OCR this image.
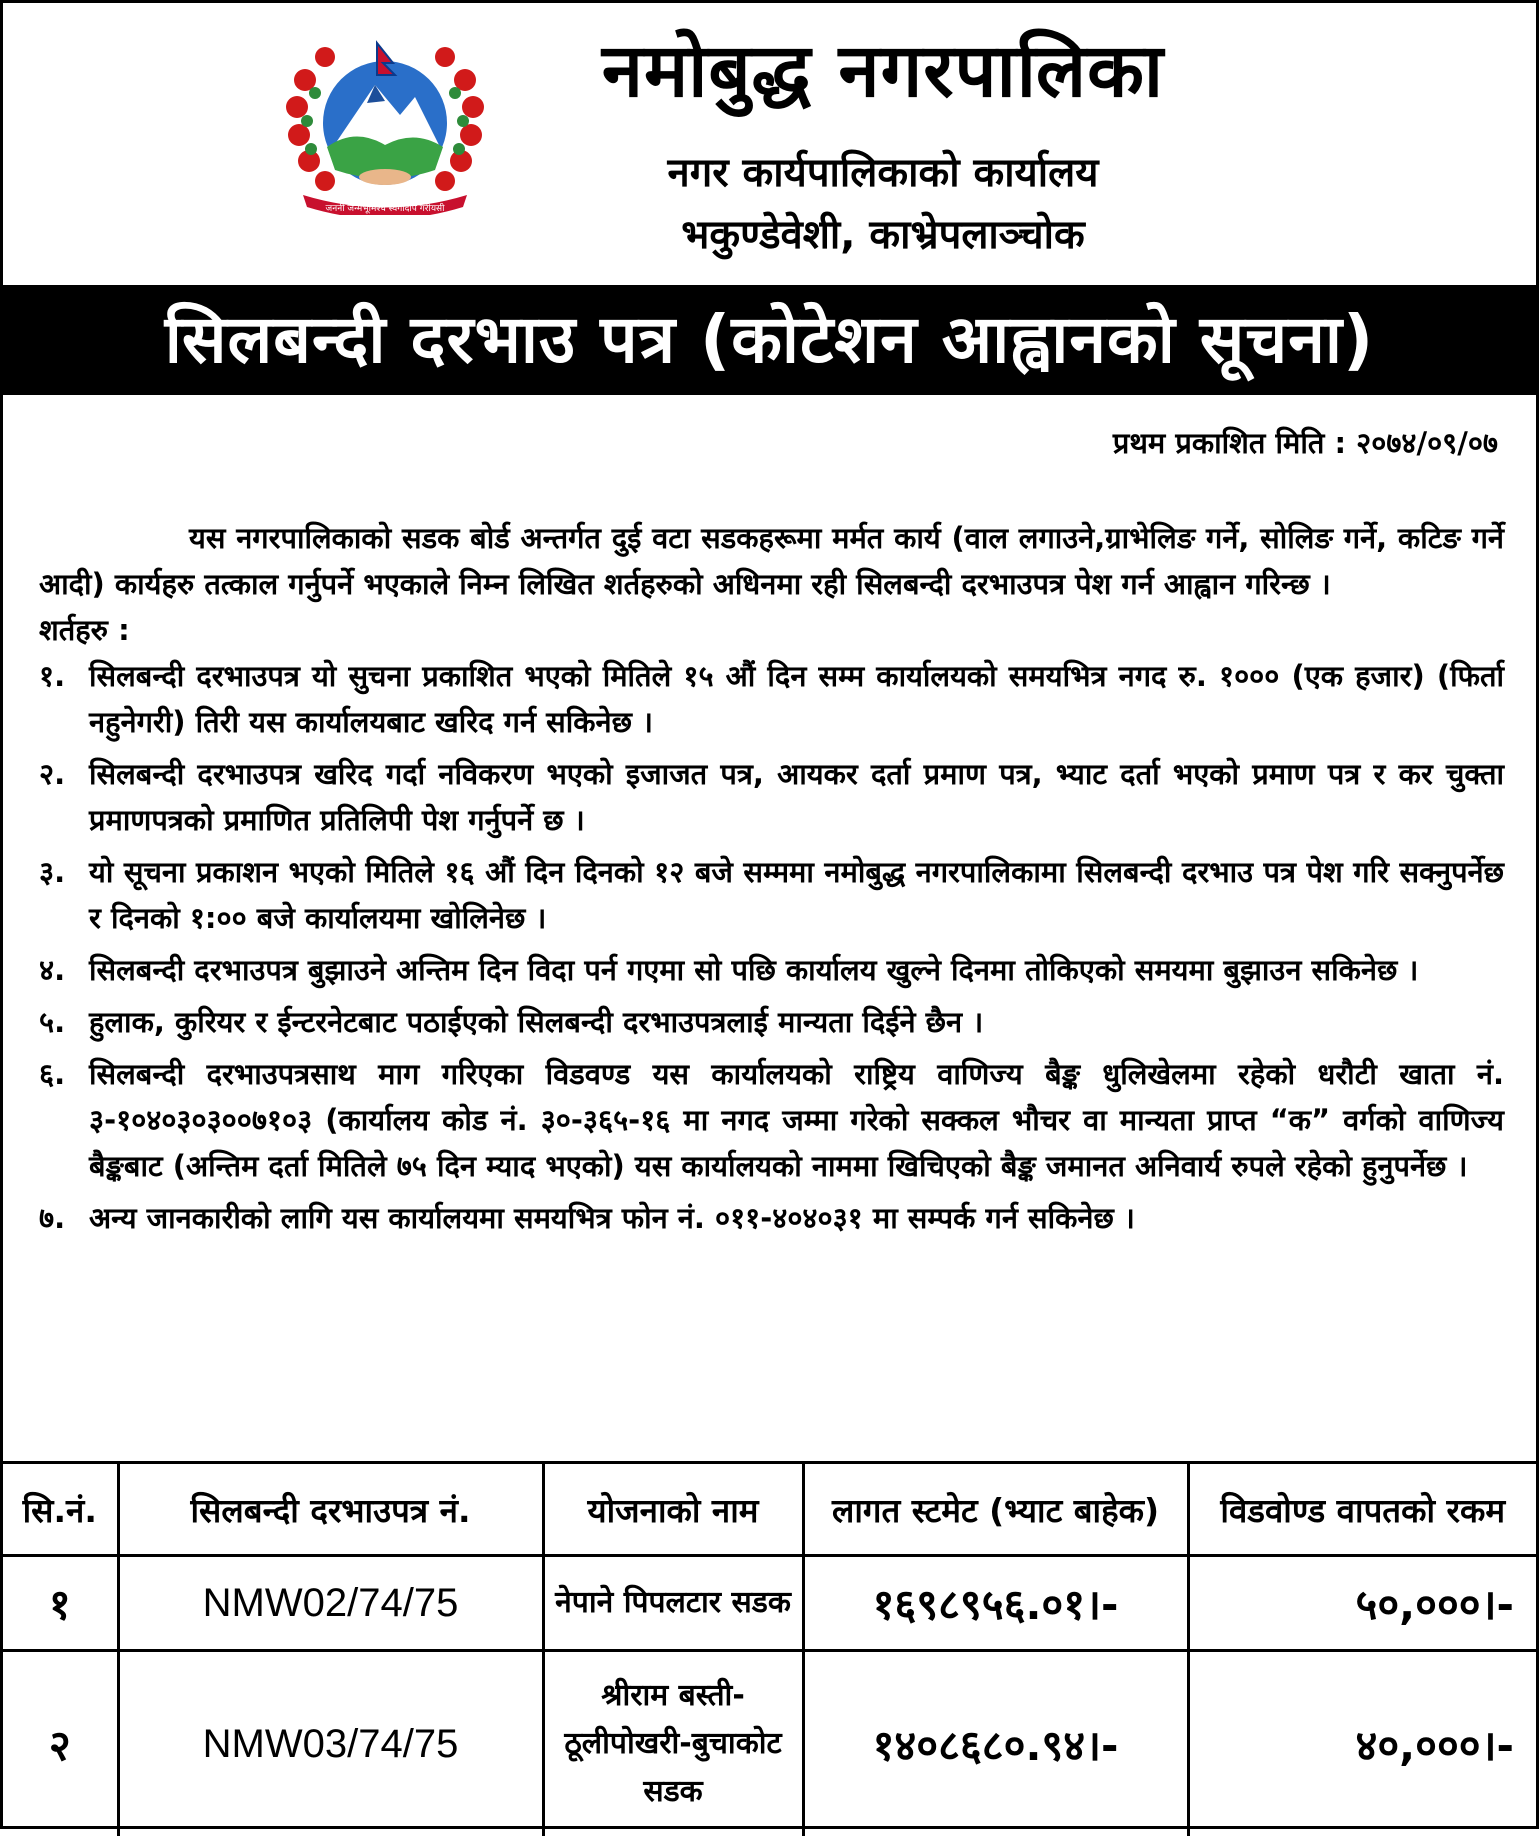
जननी जन्मभूमिश्च स्वर्गादपि गरीयसी
नमोबुद्ध नगरपालिका
नगर कार्यपालिकाको कार्यालय
भकुण्डेवेशी, काभ्रेपलाञ्चोक
सिलबन्दी दरभाउ पत्र (कोटेशन आह्वानको सूचना)
प्रथम प्रकाशित मिति : २०७४/०९/०७

यस नगरपालिकाको सडक बोर्ड अन्तर्गत दुई वटा सडकहरूमा मर्मत कार्य (वाल लगाउने,ग्राभेलिङ गर्ने, सोलिङ गर्ने, कटिङ गर्ने आदी) कार्यहरु तत्काल गर्नुपर्ने भएकाले निम्न लिखित शर्तहरुको अधिनमा रही सिलबन्दी दरभाउपत्र पेश गर्न आह्वान गरिन्छ ।

शर्तहरु :

१. सिलबन्दी दरभाउपत्र यो सुचना प्रकाशित भएको मितिले १५ औं दिन सम्म कार्यालयको समयभित्र नगद रु. १००० (एक हजार) (फिर्ता नहुनेगरी) तिरी यस कार्यालयबाट खरिद गर्न सकिनेछ ।
२. सिलबन्दी दरभाउपत्र खरिद गर्दा नविकरण भएको इजाजत पत्र, आयकर दर्ता प्रमाण पत्र, भ्याट दर्ता भएको प्रमाण पत्र र कर चुक्ता प्रमाणपत्रको प्रमाणित प्रतिलिपी पेश गर्नुपर्ने छ ।
३. यो सूचना प्रकाशन भएको मितिले १६ औं दिन दिनको १२ बजे सम्ममा नमोबुद्ध नगरपालिकामा सिलबन्दी दरभाउ पत्र पेश गरि सक्नुपर्नेछ र दिनको १:०० बजे कार्यालयमा खोलिनेछ ।
४. सिलबन्दी दरभाउपत्र बुझाउने अन्तिम दिन विदा पर्न गएमा सो पछि कार्यालय खुल्ने दिनमा तोकिएको समयमा बुझाउन सकिनेछ ।
५. हुलाक, कुरियर र ईन्टरनेटबाट पठाईएको सिलबन्दी दरभाउपत्रलाई मान्यता दिईने छैन ।
६. सिलबन्दी दरभाउपत्रसाथ माग गरिएका विडवण्ड यस कार्यालयको राष्ट्रिय वाणिज्य बैङ्क धुलिखेलमा रहेको धरौटी खाता नं. ३-१०४०३०३००७१०३ (कार्यालय कोड नं. ३०-३६५-१६ मा नगद जम्मा गरेको सक्कल भौचर वा मान्यता प्राप्त “क” वर्गको वाणिज्य बैङ्कबाट (अन्तिम दर्ता मितिले ७५ दिन म्याद भएको) यस कार्यालयको नाममा खिचिएको बैङ्क जमानत अनिवार्य रुपले रहेको हुनुपर्नेछ ।
७. अन्य जानकारीको लागि यस कार्यालयमा समयभित्र फोन नं. ०११-४०४०३१ मा सम्पर्क गर्न सकिनेछ ।
सि.नं.	सिलबन्दी दरभाउपत्र नं.	योजनाको नाम	लागत स्टमेट (भ्याट बाहेक)	विडवोण्ड वापतको रकम
१	NMW02/74/75	नेपाने पिपलटार सडक	१६९८९५६.०१।-	५०,०००।-
२	NMW03/74/75	श्रीराम बस्ती-ठूलीपोखरी-बुचाकोट सडक	१४०८६८०.९४।-	४०,०००।-
